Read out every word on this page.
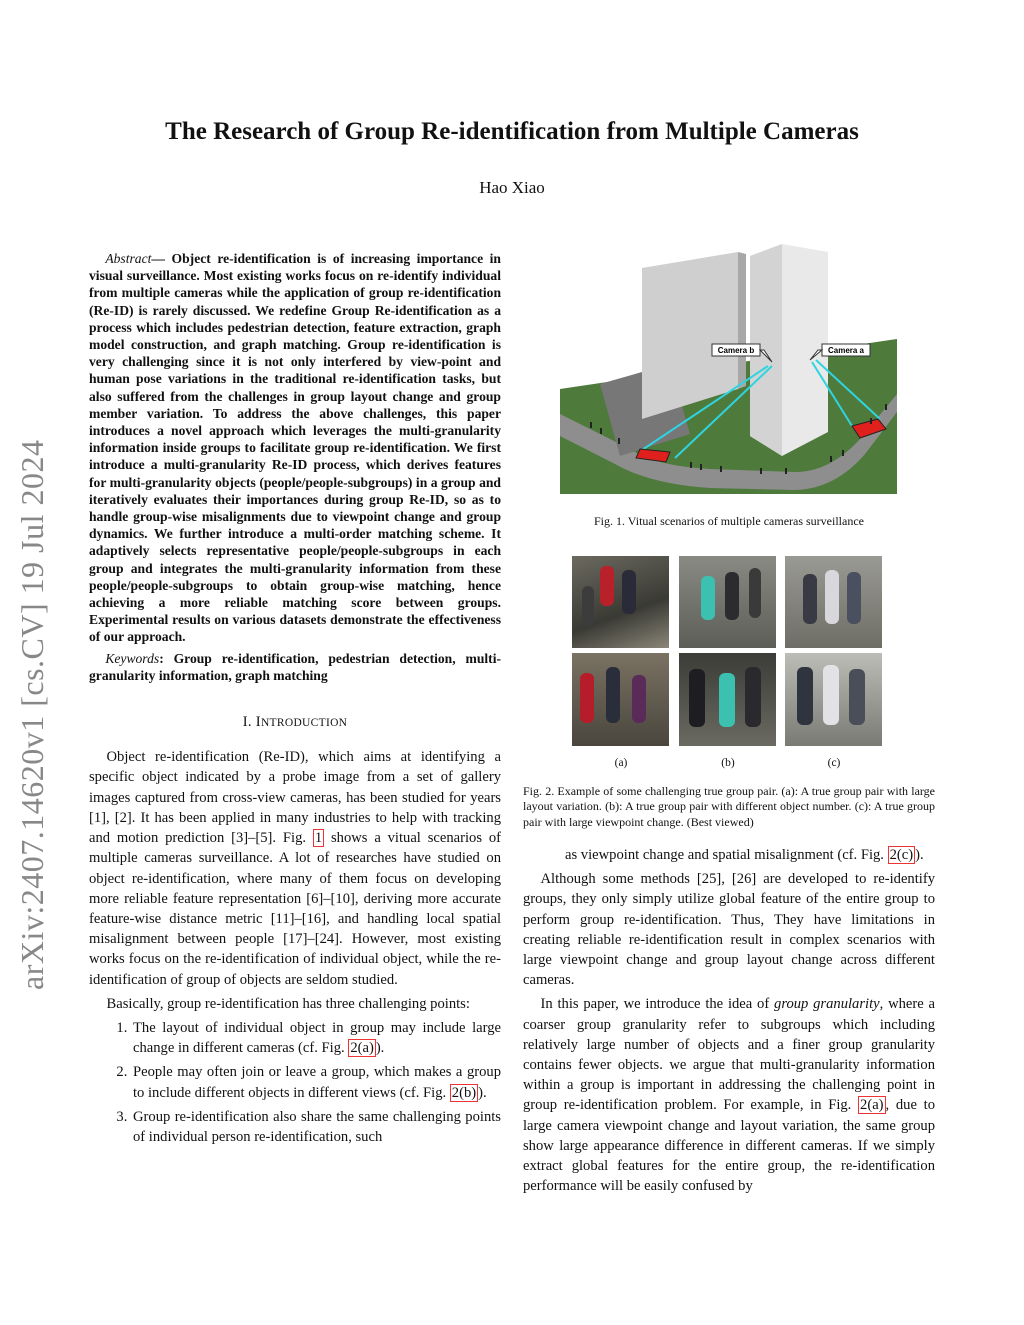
The Research of Group Re-identification from Multiple Cameras
Hao Xiao
arXiv:2407.14620v1 [cs.CV] 19 Jul 2024

Abstract— Object re-identification is of increasing importance in visual surveillance. Most existing works focus on re-identify individual from multiple cameras while the application of group re-identification (Re-ID) is rarely discussed. We redefine Group Re-identification as a process which includes pedestrian detection, feature extraction, graph model construction, and graph matching. Group re-identification is very challenging since it is not only interfered by view-point and human pose variations in the traditional re-identification tasks, but also suffered from the challenges in group layout change and group member variation. To address the above challenges, this paper introduces a novel approach which leverages the multi-granularity information inside groups to facilitate group re-identification. We first introduce a multi-granularity Re-ID process, which derives features for multi-granularity objects (people/people-subgroups) in a group and iteratively evaluates their importances during group Re-ID, so as to handle group-wise misalignments due to viewpoint change and group dynamics. We further introduce a multi-order matching scheme. It adaptively selects representative people/people-subgroups in each group and integrates the multi-granularity information from these people/people-subgroups to obtain group-wise matching, hence achieving a more reliable matching score between groups. Experimental results on various datasets demonstrate the effectiveness of our approach.

Keywords: Group re-identification, pedestrian detection, multi-granularity information, graph matching

I. INTRODUCTION

Object re-identification (Re-ID), which aims at identifying a specific object indicated by a probe image from a set of gallery images captured from cross-view cameras, has been studied for years [1], [2]. It has been applied in many industries to help with tracking and motion prediction [3]–[5]. Fig. 1 shows a vitual scenarios of multiple cameras surveillance. A lot of researches have studied on object re-identification, where many of them focus on developing more reliable feature representation [6]–[10], deriving more accurate feature-wise distance metric [11]–[16], and handling local spatial misalignment between people [17]–[24]. However, most existing works focus on the re-identification of individual object, while the re-identification of group of objects are seldom studied.

Basically, group re-identification has three challenging points:

1. The layout of individual object in group may include large change in different cameras (cf. Fig. 2(a) ).
2. People may often join or leave a group, which makes a group to include different objects in different views (cf. Fig. 2(b) ).
3. Group re-identification also share the same challenging points of individual person re-identification, such
Camera b	Camera a
Fig. 1. Vitual scenarios of multiple cameras surveillance
(a)	(b)	(c)
Fig. 2. Example of some challenging true group pair. (a): A true group pair with large layout variation. (b): A true group pair with different object number. (c): A true group pair with large viewpoint change. (Best viewed)

as viewpoint change and spatial misalignment (cf. Fig. 2(c) ).

Although some methods [25], [26] are developed to re-identify groups, they only simply utilize global feature of the entire group to perform group re-identification. Thus, They have limitations in creating reliable re-identification result in complex scenarios with large viewpoint change and group layout change across different cameras.

In this paper, we introduce the idea of group granularity, where a coarser group granularity refer to subgroups which including relatively large number of objects and a finer group granularity contains fewer objects. we argue that multi-granularity information within a group is important in addressing the challenging point in group re-identification problem. For example, in Fig. 2(a) , due to large camera viewpoint change and layout variation, the same group show large appearance difference in different cameras. If we simply extract global features for the entire group, the re-identification performance will be easily confused by
